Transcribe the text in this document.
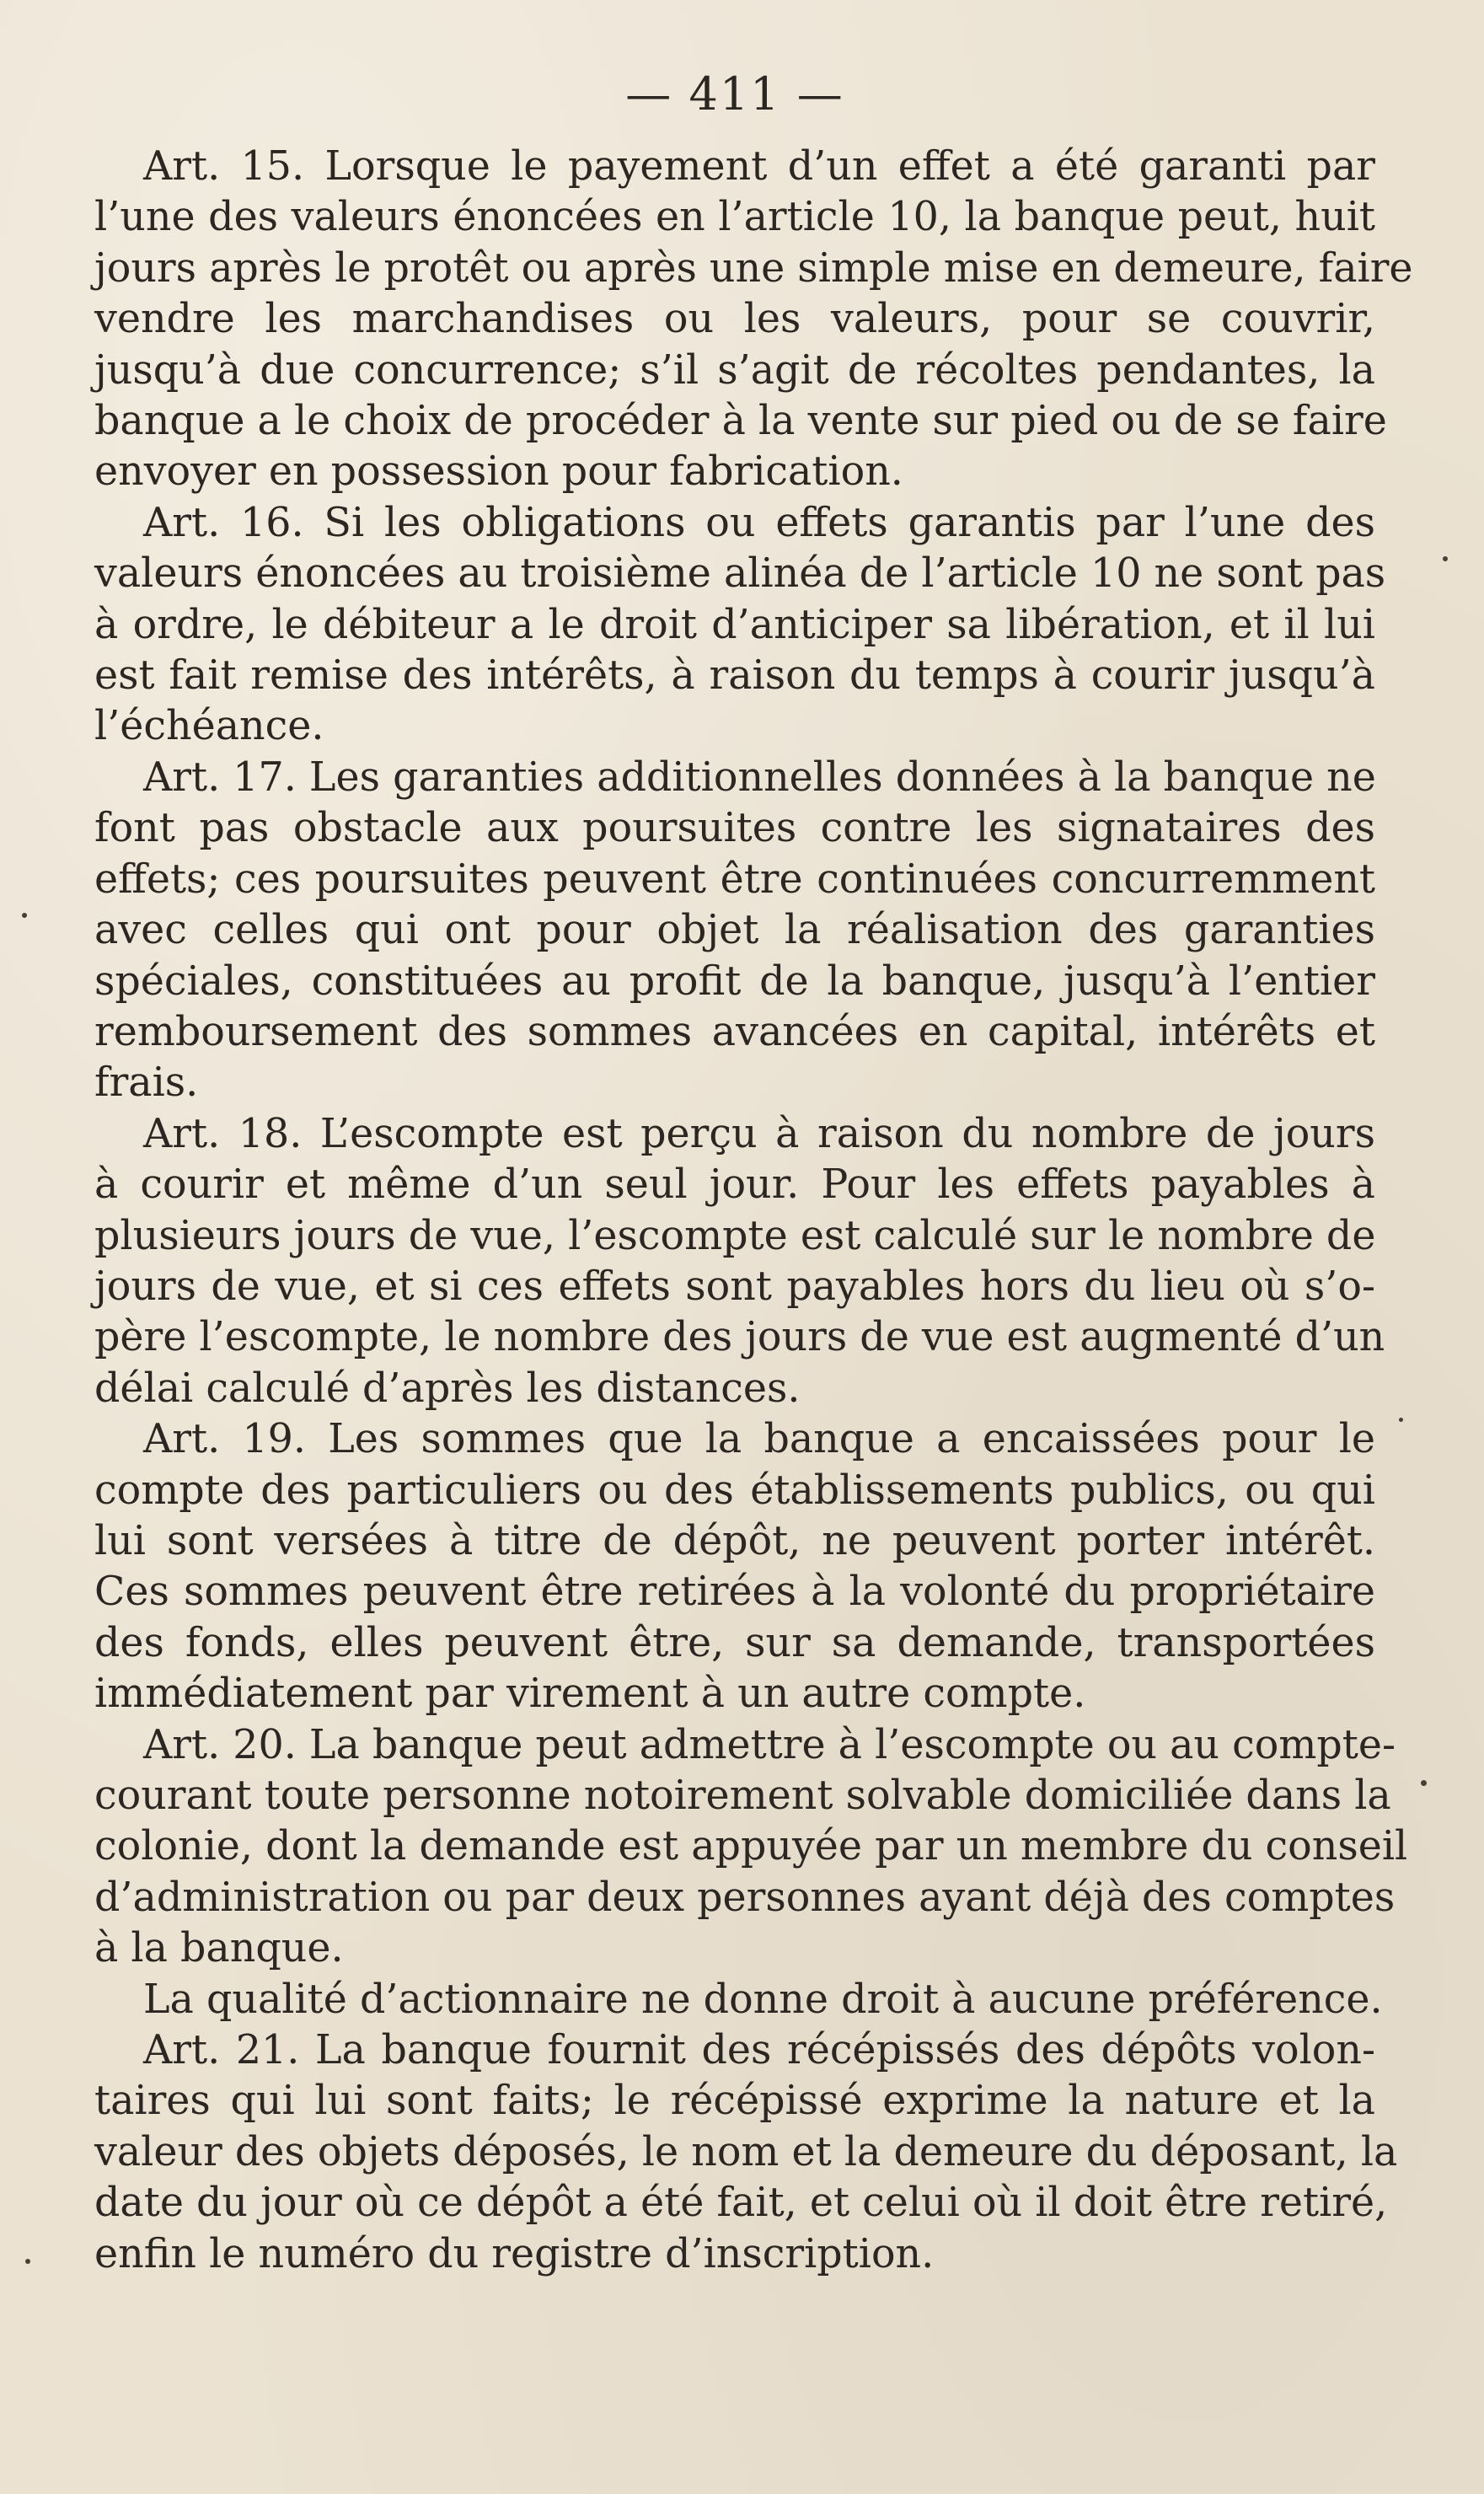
— 411 —
Art. 15. Lorsque le payement d’un effet a été garanti par
l’une des valeurs énoncées en l’article 10, la banque peut, huit
jours après le protêt ou après une simple mise en demeure, faire
vendre les marchandises ou les valeurs, pour se couvrir,
jusqu’à due concurrence; s’il s’agit de récoltes pendantes, la
banque a le choix de procéder à la vente sur pied ou de se faire
envoyer en possession pour fabrication.
Art. 16. Si les obligations ou effets garantis par l’une des
valeurs énoncées au troisième alinéa de l’article 10 ne sont pas
à ordre, le débiteur a le droit d’anticiper sa libération, et il lui
est fait remise des intérêts, à raison du temps à courir jusqu’à
l’échéance.
Art. 17. Les garanties additionnelles données à la banque ne
font pas obstacle aux poursuites contre les signataires des
effets; ces poursuites peuvent être continuées concurremment
avec celles qui ont pour objet la réalisation des garanties
spéciales, constituées au profit de la banque, jusqu’à l’entier
remboursement des sommes avancées en capital, intérêts et
frais.
Art. 18. L’escompte est perçu à raison du nombre de jours
à courir et même d’un seul jour. Pour les effets payables à
plusieurs jours de vue, l’escompte est calculé sur le nombre de
jours de vue, et si ces effets sont payables hors du lieu où s’o-
père l’escompte, le nombre des jours de vue est augmenté d’un
délai calculé d’après les distances.
Art. 19. Les sommes que la banque a encaissées pour le
compte des particuliers ou des établissements publics, ou qui
lui sont versées à titre de dépôt, ne peuvent porter intérêt.
Ces sommes peuvent être retirées à la volonté du propriétaire
des fonds, elles peuvent être, sur sa demande, transportées
immédiatement par virement à un autre compte.
Art. 20. La banque peut admettre à l’escompte ou au compte-
courant toute personne notoirement solvable domiciliée dans la
colonie, dont la demande est appuyée par un membre du conseil
d’administration ou par deux personnes ayant déjà des comptes
à la banque.
La qualité d’actionnaire ne donne droit à aucune préférence.
Art. 21. La banque fournit des récépissés des dépôts volon-
taires qui lui sont faits; le récépissé exprime la nature et la
valeur des objets déposés, le nom et la demeure du déposant, la
date du jour où ce dépôt a été fait, et celui où il doit être retiré,
enfin le numéro du registre d’inscription.
